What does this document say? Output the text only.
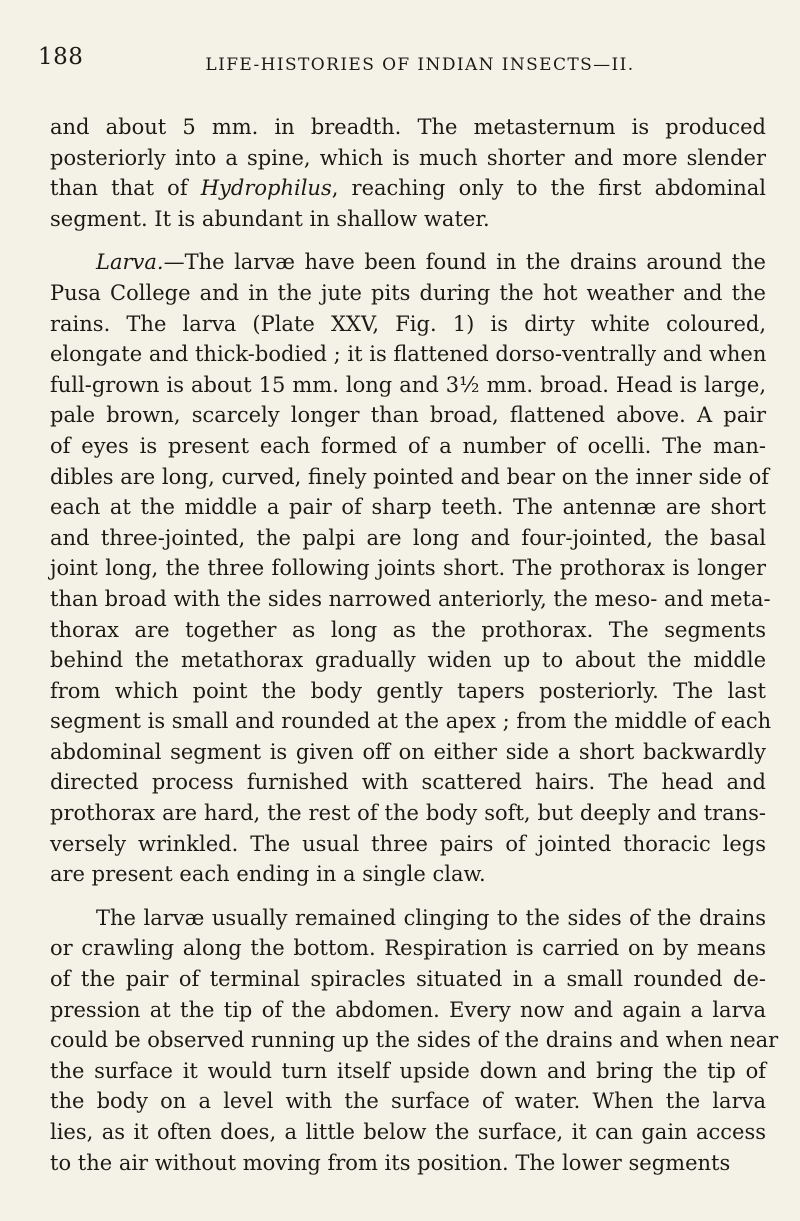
188	LIFE-HISTORIES OF INDIAN INSECTS—II.
and about 5 mm. in breadth. The metasternum is produced
posteriorly into a spine, which is much shorter and more slender
than that of Hydrophilus, reaching only to the first abdominal
segment. It is abundant in shallow water.
Larva.—The larvæ have been found in the drains around the
Pusa College and in the jute pits during the hot weather and the
rains. The larva (Plate XXV, Fig. 1) is dirty white coloured,
elongate and thick-bodied ; it is flattened dorso-ventrally and when
full-grown is about 15 mm. long and 3½ mm. broad. Head is large,
pale brown, scarcely longer than broad, flattened above. A pair
of eyes is present each formed of a number of ocelli. The man-
dibles are long, curved, finely pointed and bear on the inner side of
each at the middle a pair of sharp teeth. The antennæ are short
and three-jointed, the palpi are long and four-jointed, the basal
joint long, the three following joints short. The prothorax is longer
than broad with the sides narrowed anteriorly, the meso- and meta-
thorax are together as long as the prothorax. The segments
behind the metathorax gradually widen up to about the middle
from which point the body gently tapers posteriorly. The last
segment is small and rounded at the apex ; from the middle of each
abdominal segment is given off on either side a short backwardly
directed process furnished with scattered hairs. The head and
prothorax are hard, the rest of the body soft, but deeply and trans-
versely wrinkled. The usual three pairs of jointed thoracic legs
are present each ending in a single claw.
The larvæ usually remained clinging to the sides of the drains
or crawling along the bottom. Respiration is carried on by means
of the pair of terminal spiracles situated in a small rounded de-
pression at the tip of the abdomen. Every now and again a larva
could be observed running up the sides of the drains and when near
the surface it would turn itself upside down and bring the tip of
the body on a level with the surface of water. When the larva
lies, as it often does, a little below the surface, it can gain access
to the air without moving from its position. The lower segments
